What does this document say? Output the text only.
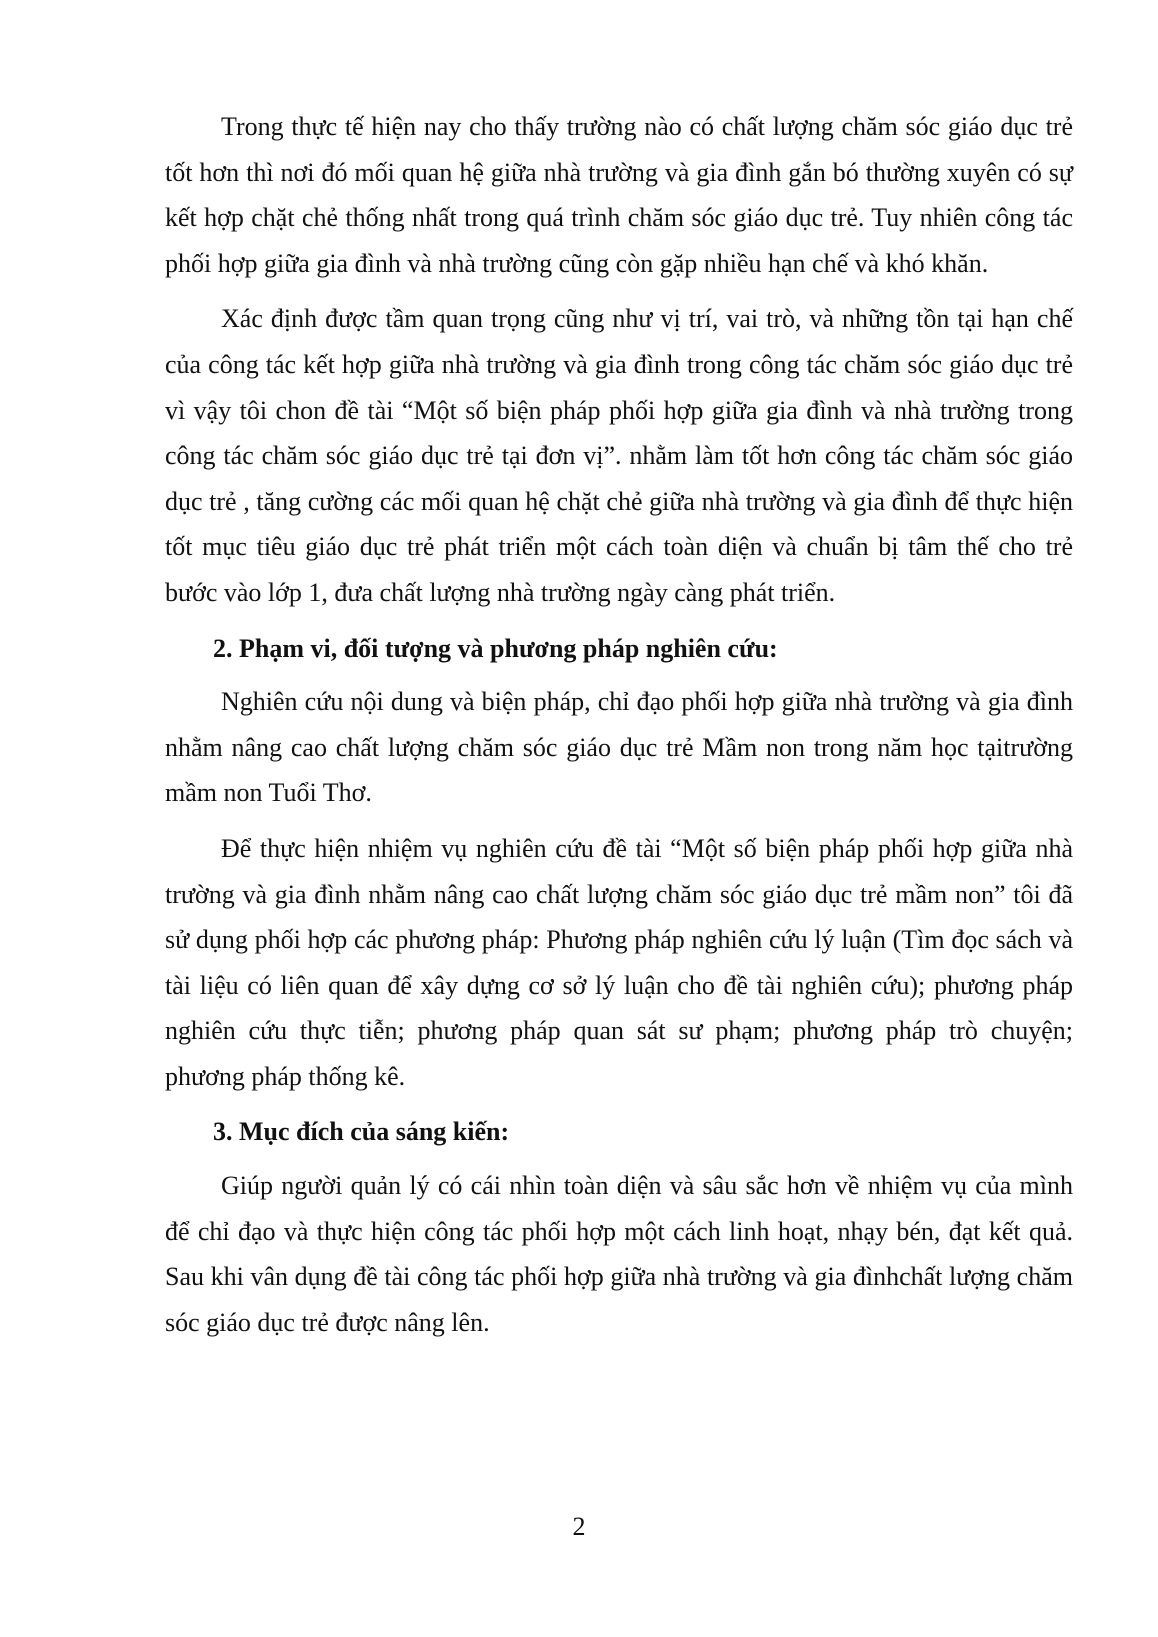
Trong thực tế hiện nay cho thấy trường nào có chất lượng chăm sóc giáo dục trẻ tốt hơn thì nơi đó mối quan hệ giữa nhà trường và gia đình gắn bó thường xuyên có sự kết hợp chặt chẻ thống nhất trong quá trình chăm sóc giáo dục trẻ. Tuy nhiên công tác phối hợp giữa gia đình và nhà trường cũng còn gặp nhiều hạn chế và khó khăn.

Xác định được tầm quan trọng cũng như vị trí, vai trò, và những tồn tại hạn chế của công tác kết hợp giữa nhà trường và gia đình trong công tác chăm sóc giáo dục trẻ vì vậy tôi chon đề tài “Một số biện pháp phối hợp giữa gia đình và nhà trường trong công tác chăm sóc giáo dục trẻ tại đơn vị”. nhằm làm tốt hơn công tác chăm sóc giáo dục trẻ , tăng cường các mối quan hệ chặt chẻ giữa nhà trường và gia đình để thực hiện tốt mục tiêu giáo dục trẻ phát triển một cách toàn diện và chuẩn bị tâm thế cho trẻ bước vào lớp 1, đưa chất lượng nhà trường ngày càng phát triển.

2. Phạm vi, đối tượng và phương pháp nghiên cứu:

Nghiên cứu nội dung và biện pháp, chỉ đạo phối hợp giữa nhà trường và gia đình nhằm nâng cao chất lượng chăm sóc giáo dục trẻ Mầm non trong năm học tạitrường mầm non Tuổi Thơ.

Để thực hiện nhiệm vụ nghiên cứu đề tài “Một số biện pháp phối hợp giữa nhà trường và gia đình nhằm nâng cao chất lượng chăm sóc giáo dục trẻ mầm non” tôi đã sử dụng phối hợp các phương pháp: Phương pháp nghiên cứu lý luận (Tìm đọc sách và tài liệu có liên quan để xây dựng cơ sở lý luận cho đề tài nghiên cứu); phương pháp nghiên cứu thực tiễn; phương pháp quan sát sư phạm; phương pháp trò chuyện; phương pháp thống kê.

3. Mục đích của sáng kiến:

Giúp người quản lý có cái nhìn toàn diện và sâu sắc hơn về nhiệm vụ của mình để chỉ đạo và thực hiện công tác phối hợp một cách linh hoạt, nhạy bén, đạt kết quả. Sau khi vân dụng đề tài công tác phối hợp giữa nhà trường và gia đìnhchất lượng chăm sóc giáo dục trẻ được nâng lên.

2
